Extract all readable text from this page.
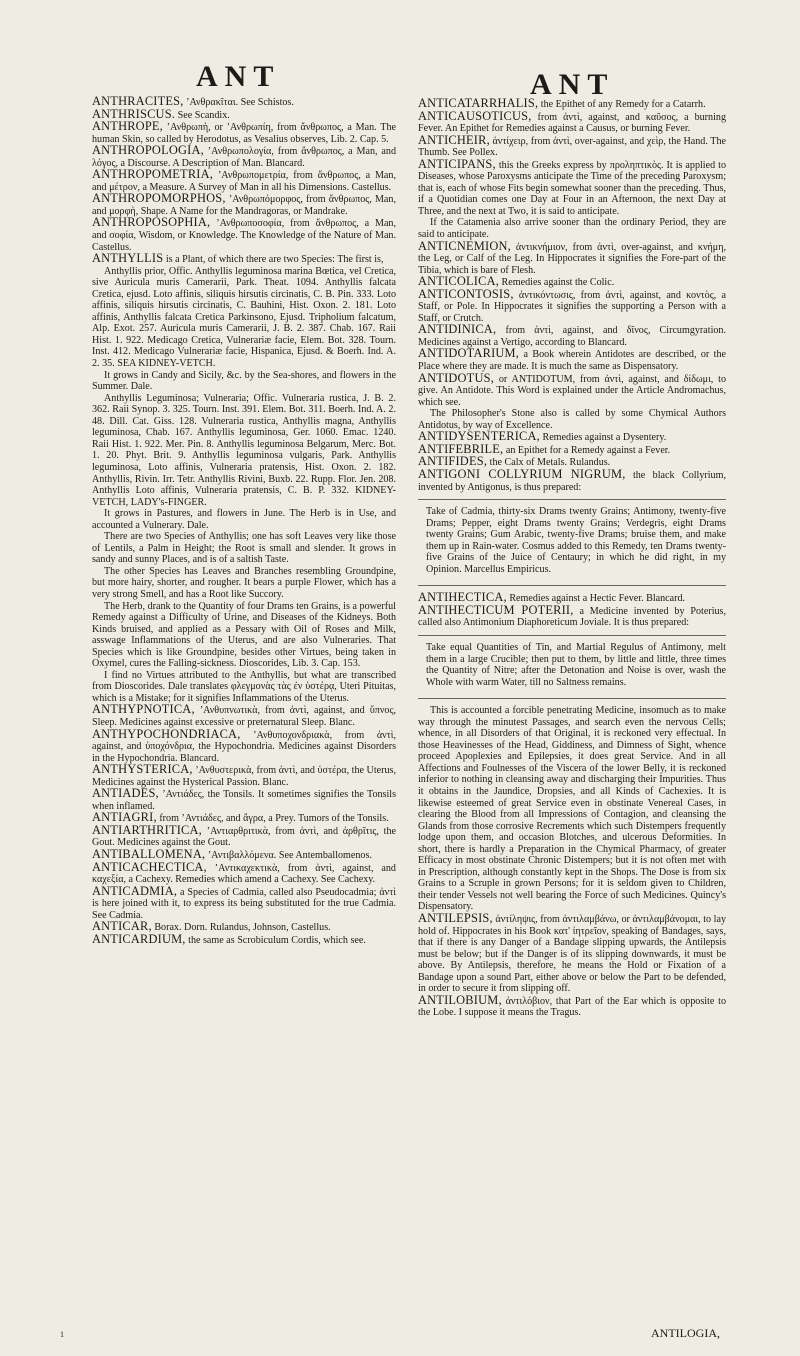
ANT	ANT

ANTHRACITES, ʼΑνθρακῖται. See Schistos.

ANTHRISCUS. See Scandix.

ANTHROPE, ʼΑνθρωπὴ, or ʼΑνθρωπίη, from ἄνθρωπος, a Man. The human Skin, so called by Herodotus, as Vesalius observes, Lib. 2. Cap. 5.

ANTHROPOLOGIA, ʼΑνθρωπολογία, from ἄνθρωπος, a Man, and λόγος, a Discourse. A Description of Man. Blancard.

ANTHROPOMETRIA, ʼΑνθρωπομετρία, from ἄνθρωπος, a Man, and μέτρον, a Measure. A Survey of Man in all his Dimensions. Castellus.

ANTHROPOMORPHOS, ʼΑνθρωπόμορφος, from ἄνθρωπος, Man, and μορφὴ, Shape. A Name for the Mandragoras, or Mandrake.

ANTHROPOSOPHIA, ʼΑνθρωποσοφία, from ἄνθρωπος, a Man, and σοφία, Wisdom, or Knowledge. The Knowledge of the Nature of Man. Castellus.

ANTHYLLIS is a Plant, of which there are two Species: The first is,

Anthyllis prior, Offic. Anthyllis leguminosa marina Bœtica, vel Cretica, sive Auricula muris Camerarii, Park. Theat. 1094. Anthyllis falcata Cretica, ejusd. Loto affinis, siliquis hirsutis circinatis, C. B. Pin. 333. Loto affinis, siliquis hirsutis circinatis, C. Bauhini, Hist. Oxon. 2. 181. Loto affinis, Anthyllis falcata Cretica Parkinsono, Ejusd. Tripholium falcatum, Alp. Exot. 257. Auricula muris Camerarii, J. B. 2. 387. Chab. 167. Raii Hist. 1. 922. Medicago Cretica, Vulnerariæ facie, Elem. Bot. 328. Tourn. Inst. 412. Medicago Vulnerariæ facie, Hispanica, Ejusd. & Boerh. Ind. A. 2. 35. SEA KIDNEY-VETCH.

It grows in Candy and Sicily, &c. by the Sea-shores, and flowers in the Summer. Dale.

Anthyllis Leguminosa; Vulneraria; Offic. Vulneraria rustica, J. B. 2. 362. Raii Synop. 3. 325. Tourn. Inst. 391. Elem. Bot. 311. Boerh. Ind. A. 2. 48. Dill. Cat. Giss. 128. Vulneraria rustica, Anthyllis magna, Anthyllis leguminosa, Chab. 167. Anthyllis leguminosa, Ger. 1060. Emac. 1240. Raii Hist. 1. 922. Mer. Pin. 8. Anthyllis leguminosa Belgarum, Merc. Bot. 1. 20. Phyt. Brit. 9. Anthyllis leguminosa vulgaris, Park. Anthyllis leguminosa, Loto affinis, Vulneraria pratensis, Hist. Oxon. 2. 182. Anthyllis, Rivin. Irr. Tetr. Anthyllis Rivini, Buxb. 22. Rupp. Flor. Jen. 208. Anthyllis Loto affinis, Vulneraria pratensis, C. B. P. 332. KIDNEY-VETCH, LADY's-FINGER.

It grows in Pastures, and flowers in June. The Herb is in Use, and accounted a Vulnerary. Dale.

There are two Species of Anthyllis; one has soft Leaves very like those of Lentils, a Palm in Height; the Root is small and slender. It grows in sandy and sunny Places, and is of a saltish Taste.

The other Species has Leaves and Branches resembling Groundpine, but more hairy, shorter, and rougher. It bears a purple Flower, which has a very strong Smell, and has a Root like Succory.

The Herb, drank to the Quantity of four Drams ten Grains, is a powerful Remedy against a Difficulty of Urine, and Diseases of the Kidneys. Both Kinds bruised, and applied as a Pessary with Oil of Roses and Milk, asswage Inflammations of the Uterus, and are also Vulneraries. That Species which is like Groundpine, besides other Virtues, being taken in Oxymel, cures the Falling-sickness. Dioscorides, Lib. 3. Cap. 153.

I find no Virtues attributed to the Anthyllis, but what are transcribed from Dioscorides. Dale translates φλεγμονὰς τὰς ἐν ὑστέρᾳ, Uteri Pituitas, which is a Mistake; for it signifies Inflammations of the Uterus.

ANTHYPNOTICA, ʼΑνθυπνωτικὰ, from ἀντὶ, against, and ὕπνος, Sleep. Medicines against excessive or preternatural Sleep. Blanc.

ANTHYPOCHONDRIACA, ʼΑνθυποχονδριακὰ, from ἀντὶ, against, and ὑποχόνδρια, the Hypochondria. Medicines against Disorders in the Hypochondria. Blancard.

ANTHYSTERICA, ʼΑνθυστερικὰ, from ἀντὶ, and ὑστέρα, the Uterus, Medicines against the Hysterical Passion. Blanc.

ANTIADES, ʼΑντιάδες, the Tonsils. It sometimes signifies the Tonsils when inflamed.

ANTIAGRI, from ʼΑντιάδες, and ἄγρα, a Prey. Tumors of the Tonsils.

ANTIARTHRITICA, ʼΑντιαρθριτικὰ, from ἀντὶ, and ἀρθρῖτις, the Gout. Medicines against the Gout.

ANTIBALLOMENA, ʼΑντιβαλλόμενα. See Antemballomenos.

ANTICACHECTICA, ʼΑντικαχεκτικὰ, from ἀντὶ, against, and καχεξία, a Cachexy. Remedies which amend a Cachexy. See Cachexy.

ANTICADMIA, a Species of Cadmia, called also Pseudocadmia; ἀντὶ is here joined with it, to express its being substituted for the true Cadmia. See Cadmia.

ANTICAR, Borax. Dorn. Rulandus, Johnson, Castellus.

ANTICARDIUM, the same as Scrobiculum Cordis, which see.

ANTICATARRHALIS, the Epithet of any Remedy for a Catarrh.

ANTICAUSOTICUS, from ἀντὶ, against, and καῦσος, a burning Fever. An Epithet for Remedies against a Causus, or burning Fever.

ANTICHEIR, ἀντίχειρ, from ἀντὶ, over-against, and χεὶρ, the Hand. The Thumb. See Pollex.

ANTICIPANS, this the Greeks express by προληπτικὸς. It is applied to Diseases, whose Paroxysms anticipate the Time of the preceding Paroxysm; that is, each of whose Fits begin somewhat sooner than the preceding. Thus, if a Quotidian comes one Day at Four in an Afternoon, the next Day at Three, and the next at Two, it is said to anticipate.

If the Catamenia also arrive sooner than the ordinary Period, they are said to anticipate.

ANTICNEMION, ἀντικνήμιον, from ἀντὶ, over-against, and κνήμη, the Leg, or Calf of the Leg. In Hippocrates it signifies the Fore-part of the Tibia, which is bare of Flesh.

ANTICOLICA, Remedies against the Colic.

ANTICONTOSIS, ἀντικόντωσις, from ἀντὶ, against, and κοντὸς, a Staff, or Pole. In Hippocrates it signifies the supporting a Person with a Staff, or Crutch.

ANTIDINICA, from ἀντὶ, against, and δῖνος, Circumgyration. Medicines against a Vertigo, according to Blancard.

ANTIDOTARIUM, a Book wherein Antidotes are described, or the Place where they are made. It is much the same as Dispensatory.

ANTIDOTUS, or ANTIDOTUM, from ἀντὶ, against, and δίδωμι, to give. An Antidote. This Word is explained under the Article Andromachus, which see.

The Philosopher's Stone also is called by some Chymical Authors Antidotus, by way of Excellence.

ANTIDYSENTERICA, Remedies against a Dysentery.

ANTIFEBRILE, an Epithet for a Remedy against a Fever.

ANTIFIDES, the Calx of Metals. Rulandus.

ANTIGONI COLLYRIUM NIGRUM, the black Collyrium, invented by Antigonus, is thus prepared:

Take of Cadmia, thirty-six Drams twenty Grains; Antimony, twenty-five Drams; Pepper, eight Drams twenty Grains; Verdegris, eight Drams twenty Grains; Gum Arabic, twenty-five Drams; bruise them, and make them up in Rain-water. Cosmus added to this Remedy, ten Drams twenty-five Grains of the Juice of Centaury; in which he did right, in my Opinion. Marcellus Empiricus.

ANTIHECTICA, Remedies against a Hectic Fever. Blancard.

ANTIHECTICUM POTERII, a Medicine invented by Poterius, called also Antimonium Diaphoreticum Joviale. It is thus prepared:

Take equal Quantities of Tin, and Martial Regulus of Antimony, melt them in a large Crucible; then put to them, by little and little, three times the Quantity of Nitre; after the Detonation and Noise is over, wash the Whole with warm Water, till no Saltness remains.

This is accounted a forcible penetrating Medicine, insomuch as to make way through the minutest Passages, and search even the nervous Cells; whence, in all Disorders of that Original, it is reckoned very effectual. In those Heavinesses of the Head, Giddiness, and Dimness of Sight, whence proceed Apoplexies and Epilepsies, it does great Service. And in all Affections and Foulnesses of the Viscera of the lower Belly, it is reckoned inferior to nothing in cleansing away and discharging their Impurities. Thus it obtains in the Jaundice, Dropsies, and all Kinds of Cachexies. It is likewise esteemed of great Service even in obstinate Venereal Cases, in clearing the Blood from all Impressions of Contagion, and cleansing the Glands from those corrosive Recrements which such Distempers frequently lodge upon them, and occasion Blotches, and ulcerous Deformities. In short, there is hardly a Preparation in the Chymical Pharmacy, of greater Efficacy in most obstinate Chronic Distempers; but it is not often met with in Prescription, although constantly kept in the Shops. The Dose is from six Grains to a Scruple in grown Persons; for it is seldom given to Children, their tender Vessels not well bearing the Force of such Medicines. Quincy's Dispensatory.

ANTILEPSIS, ἀντίληψις, from ἀντιλαμβάνω, or ἀντιλαμβάνομαι, to lay hold of. Hippocrates in his Book κατ' ἰητρεῖον, speaking of Bandages, says, that if there is any Danger of a Bandage slipping upwards, the Antilepsis must be below; but if the Danger is of its slipping downwards, it must be above. By Antilepsis, therefore, he means the Hold or Fixation of a Bandage upon a sound Part, either above or below the Part to be defended, in order to secure it from slipping off.

ANTILOBIUM, ἀντιλόβιον, that Part of the Ear which is opposite to the Lobe. I suppose it means the Tragus.

ANTILOGIA,
1
